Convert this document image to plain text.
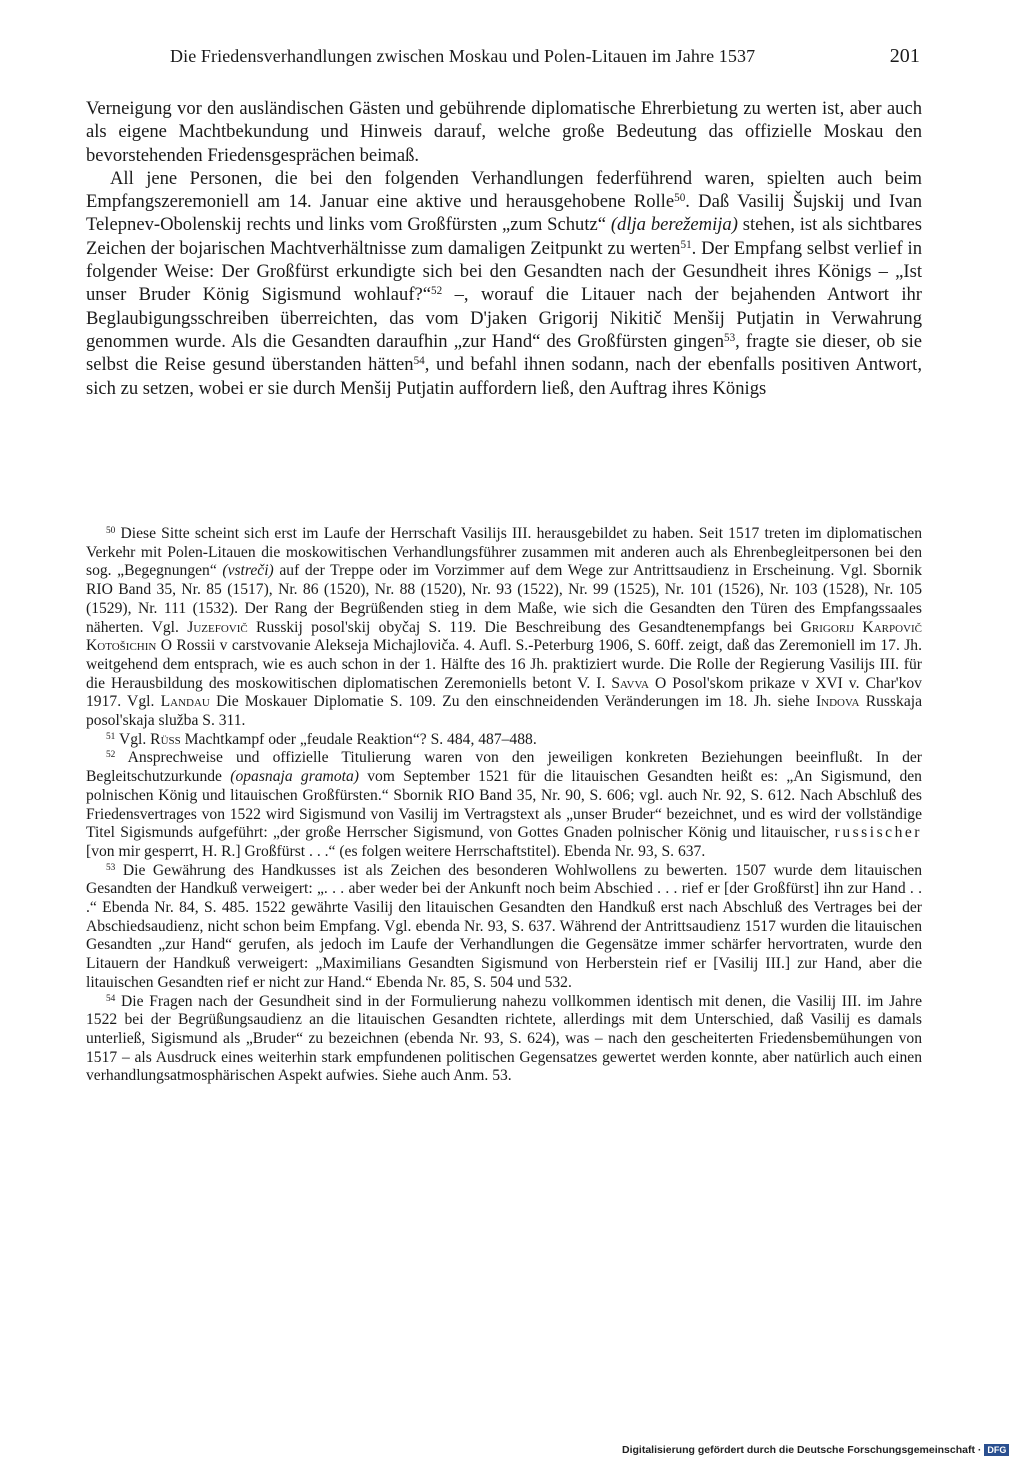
Die Friedensverhandlungen zwischen Moskau und Polen-Litauen im Jahre 1537	201

Verneigung vor den ausländischen Gästen und gebührende diplomatische Ehrerbietung zu werten ist, aber auch als eigene Machtbekundung und Hinweis darauf, welche große Bedeutung das offizielle Moskau den bevorstehenden Friedensgesprächen beimaß.

All jene Personen, die bei den folgenden Verhandlungen federführend waren, spielten auch beim Empfangszeremoniell am 14. Januar eine aktive und herausgehobene Rolle$^{50}$. Daß Vasilij Šujskij und Ivan Telepnev-Obolenskij rechts und links vom Großfürsten „zum Schutz“ (dlja berežemija) stehen, ist als sichtbares Zeichen der bojarischen Machtverhältnisse zum damaligen Zeitpunkt zu werten$^{51}$. Der Empfang selbst verlief in folgender Weise: Der Großfürst erkundigte sich bei den Gesandten nach der Gesundheit ihres Königs – „Ist unser Bruder König Sigismund wohlauf?“$^{52}$ –, worauf die Litauer nach der bejahenden Antwort ihr Beglaubigungsschreiben überreichten, das vom D'jaken Grigorij Nikitič Menšij Putjatin in Verwahrung genommen wurde. Als die Gesandten daraufhin „zur Hand“ des Großfürsten gingen$^{53}$, fragte sie dieser, ob sie selbst die Reise gesund überstanden hätten$^{54}$, und befahl ihnen sodann, nach der ebenfalls positiven Antwort, sich zu setzen, wobei er sie durch Menšij Putjatin auffordern ließ, den Auftrag ihres Königs

$^{50}$ Diese Sitte scheint sich erst im Laufe der Herrschaft Vasilijs III. herausgebildet zu haben. Seit 1517 treten im diplomatischen Verkehr mit Polen-Litauen die moskowitischen Verhandlungsführer zusammen mit anderen auch als Ehrenbegleitpersonen bei den sog. „Begegnungen“ (vstreči) auf der Treppe oder im Vorzimmer auf dem Wege zur Antrittsaudienz in Erscheinung. Vgl. Sbornik RIO Band 35, Nr. 85 (1517), Nr. 86 (1520), Nr. 88 (1520), Nr. 93 (1522), Nr. 99 (1525), Nr. 101 (1526), Nr. 103 (1528), Nr. 105 (1529), Nr. 111 (1532). Der Rang der Begrüßenden stieg in dem Maße, wie sich die Gesandten den Türen des Empfangssaales näherten. Vgl. Juzefovič Russkij posol'skij obyčaj S. 119. Die Beschreibung des Gesandtenempfangs bei Grigorij Karpovič Kotošichin O Rossii v carstvovanie Alekseja Michajloviča. 4. Aufl. S.-Peterburg 1906, S. 60ff. zeigt, daß das Zeremoniell im 17. Jh. weitgehend dem entsprach, wie es auch schon in der 1. Hälfte des 16 Jh. praktiziert wurde. Die Rolle der Regierung Vasilijs III. für die Herausbildung des moskowitischen diplomatischen Zeremoniells betont V. I. Savva O Posol'skom prikaze v XVI v. Char'kov 1917. Vgl. Landau Die Moskauer Diplomatie S. 109. Zu den einschneidenden Veränderungen im 18. Jh. siehe Indova Russkaja posol'skaja služba S. 311.

$^{51}$ Vgl. Rüss Machtkampf oder „feudale Reaktion“? S. 484, 487–488.

$^{52}$ Ansprechweise und offizielle Titulierung waren von den jeweiligen konkreten Beziehungen beeinflußt. In der Begleitschutzurkunde (opasnaja gramota) vom September 1521 für die litauischen Gesandten heißt es: „An Sigismund, den polnischen König und litauischen Großfürsten.“ Sbornik RIO Band 35, Nr. 90, S. 606; vgl. auch Nr. 92, S. 612. Nach Abschluß des Friedensvertrages von 1522 wird Sigismund von Vasilij im Vertragstext als „unser Bruder“ bezeichnet, und es wird der vollständige Titel Sigismunds aufgeführt: „der große Herrscher Sigismund, von Gottes Gnaden polnischer König und litauischer, russischer [von mir gesperrt, H. R.] Großfürst . . .“ (es folgen weitere Herrschaftstitel). Ebenda Nr. 93, S. 637.

$^{53}$ Die Gewährung des Handkusses ist als Zeichen des besonderen Wohlwollens zu bewerten. 1507 wurde dem litauischen Gesandten der Handkuß verweigert: „. . . aber weder bei der Ankunft noch beim Abschied . . . rief er [der Großfürst] ihn zur Hand . . .“ Ebenda Nr. 84, S. 485. 1522 gewährte Vasilij den litauischen Gesandten den Handkuß erst nach Abschluß des Vertrages bei der Abschiedsaudienz, nicht schon beim Empfang. Vgl. ebenda Nr. 93, S. 637. Während der Antrittsaudienz 1517 wurden die litauischen Gesandten „zur Hand“ gerufen, als jedoch im Laufe der Verhandlungen die Gegensätze immer schärfer hervortraten, wurde den Litauern der Handkuß verweigert: „Maximilians Gesandten Sigismund von Herberstein rief er [Vasilij III.] zur Hand, aber die litauischen Gesandten rief er nicht zur Hand.“ Ebenda Nr. 85, S. 504 und 532.

$^{54}$ Die Fragen nach der Gesundheit sind in der Formulierung nahezu vollkommen identisch mit denen, die Vasilij III. im Jahre 1522 bei der Begrüßungsaudienz an die litauischen Gesandten richtete, allerdings mit dem Unterschied, daß Vasilij es damals unterließ, Sigismund als „Bruder“ zu bezeichnen (ebenda Nr. 93, S. 624), was – nach den gescheiterten Friedensbemühungen von 1517 – als Ausdruck eines weiterhin stark empfundenen politischen Gegensatzes gewertet werden konnte, aber natürlich auch einen verhandlungsatmosphärischen Aspekt aufwies. Siehe auch Anm. 53.

Digitalisierung gefördert durch die Deutsche Forschungsgemeinschaft · DFG
